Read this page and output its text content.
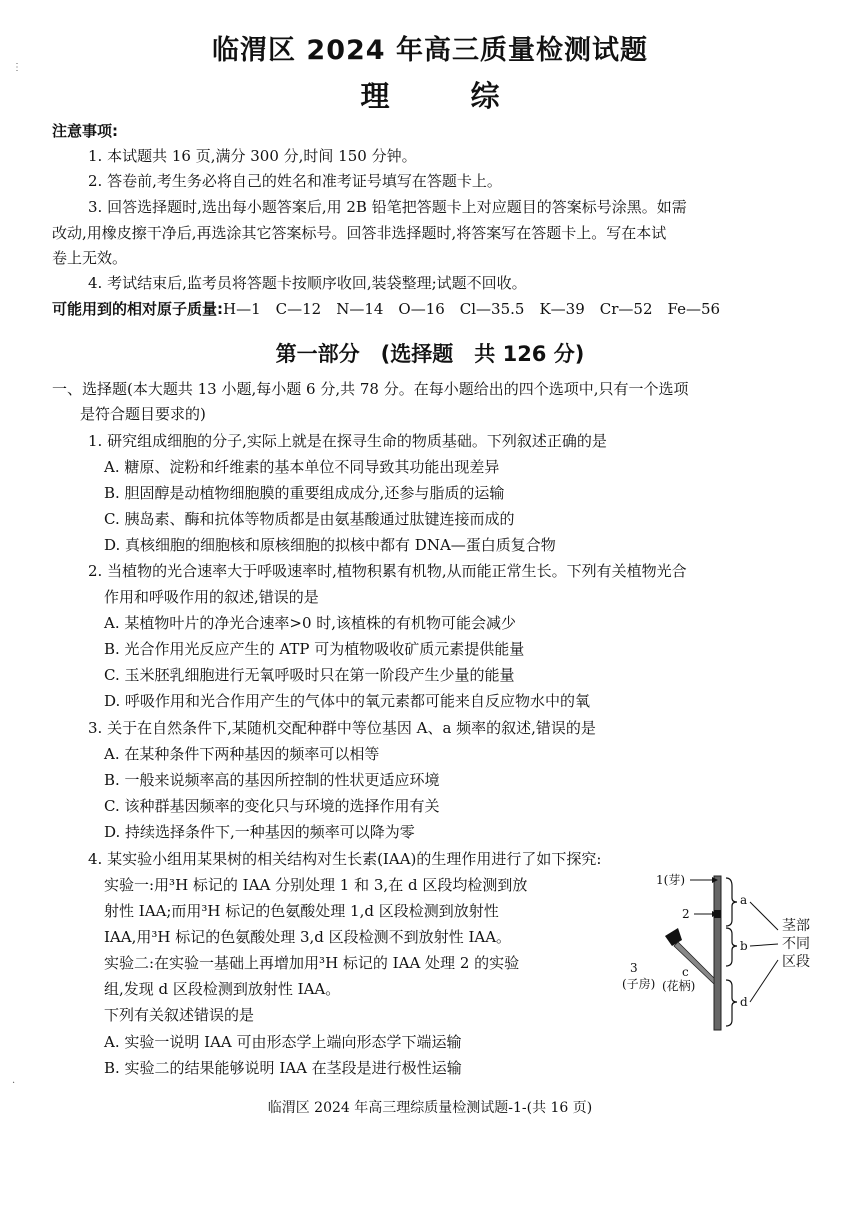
⋮
·
临渭区 2024 年高三质量检测试题
理　综
注意事项:
1. 本试题共 16 页,满分 300 分,时间 150 分钟。
2. 答卷前,考生务必将自己的姓名和准考证号填写在答题卡上。
3. 回答选择题时,选出每小题答案后,用 2B 铅笔把答题卡上对应题目的答案标号涂黑。如需
改动,用橡皮擦干净后,再选涂其它答案标号。回答非选择题时,将答案写在答题卡上。写在本试
卷上无效。
4. 考试结束后,监考员将答题卡按顺序收回,装袋整理;试题不回收。
可能用到的相对原子质量:H—1　C—12　N—14　O—16　Cl—35.5　K—39　Cr—52　Fe—56
第一部分　(选择题　共 126 分)
一、选择题(本大题共 13 小题,每小题 6 分,共 78 分。在每小题给出的四个选项中,只有一个选项
是符合题目要求的)
1. 研究组成细胞的分子,实际上就是在探寻生命的物质基础。下列叙述正确的是
A. 糖原、淀粉和纤维素的基本单位不同导致其功能出现差异
B. 胆固醇是动植物细胞膜的重要组成成分,还参与脂质的运输
C. 胰岛素、酶和抗体等物质都是由氨基酸通过肽键连接而成的
D. 真核细胞的细胞核和原核细胞的拟核中都有 DNA—蛋白质复合物
2. 当植物的光合速率大于呼吸速率时,植物积累有机物,从而能正常生长。下列有关植物光合
作用和呼吸作用的叙述,错误的是
A. 某植物叶片的净光合速率>0 时,该植株的有机物可能会减少
B. 光合作用光反应产生的 ATP 可为植物吸收矿质元素提供能量
C. 玉米胚乳细胞进行无氧呼吸时只在第一阶段产生少量的能量
D. 呼吸作用和光合作用产生的气体中的氧元素都可能来自反应物水中的氧
3. 关于在自然条件下,某随机交配种群中等位基因 A、a 频率的叙述,错误的是
A. 在某种条件下两种基因的频率可以相等
B. 一般来说频率高的基因所控制的性状更适应环境
C. 该种群基因频率的变化只与环境的选择作用有关
D. 持续选择条件下,一种基因的频率可以降为零
4. 某实验小组用某果树的相关结构对生长素(IAA)的生理作用进行了如下探究:
实验一:用³H 标记的 IAA 分别处理 1 和 3,在 d 区段均检测到放
射性 IAA;而用³H 标记的色氨酸处理 1,d 区段检测到放射性
IAA,用³H 标记的色氨酸处理 3,d 区段检测不到放射性 IAA。
实验二:在实验一基础上再增加用³H 标记的 IAA 处理 2 的实验
组,发现 d 区段检测到放射性 IAA。
下列有关叙述错误的是
A. 实验一说明 IAA 可由形态学上端向形态学下端运输
B. 实验二的结果能够说明 IAA 在茎段是进行极性运输
1(芽)
2
3
(子房)
c
(花柄)
a
b
d
茎部
不同
区段
临渭区 2024 年高三理综质量检测试题-1-(共 16 页)
